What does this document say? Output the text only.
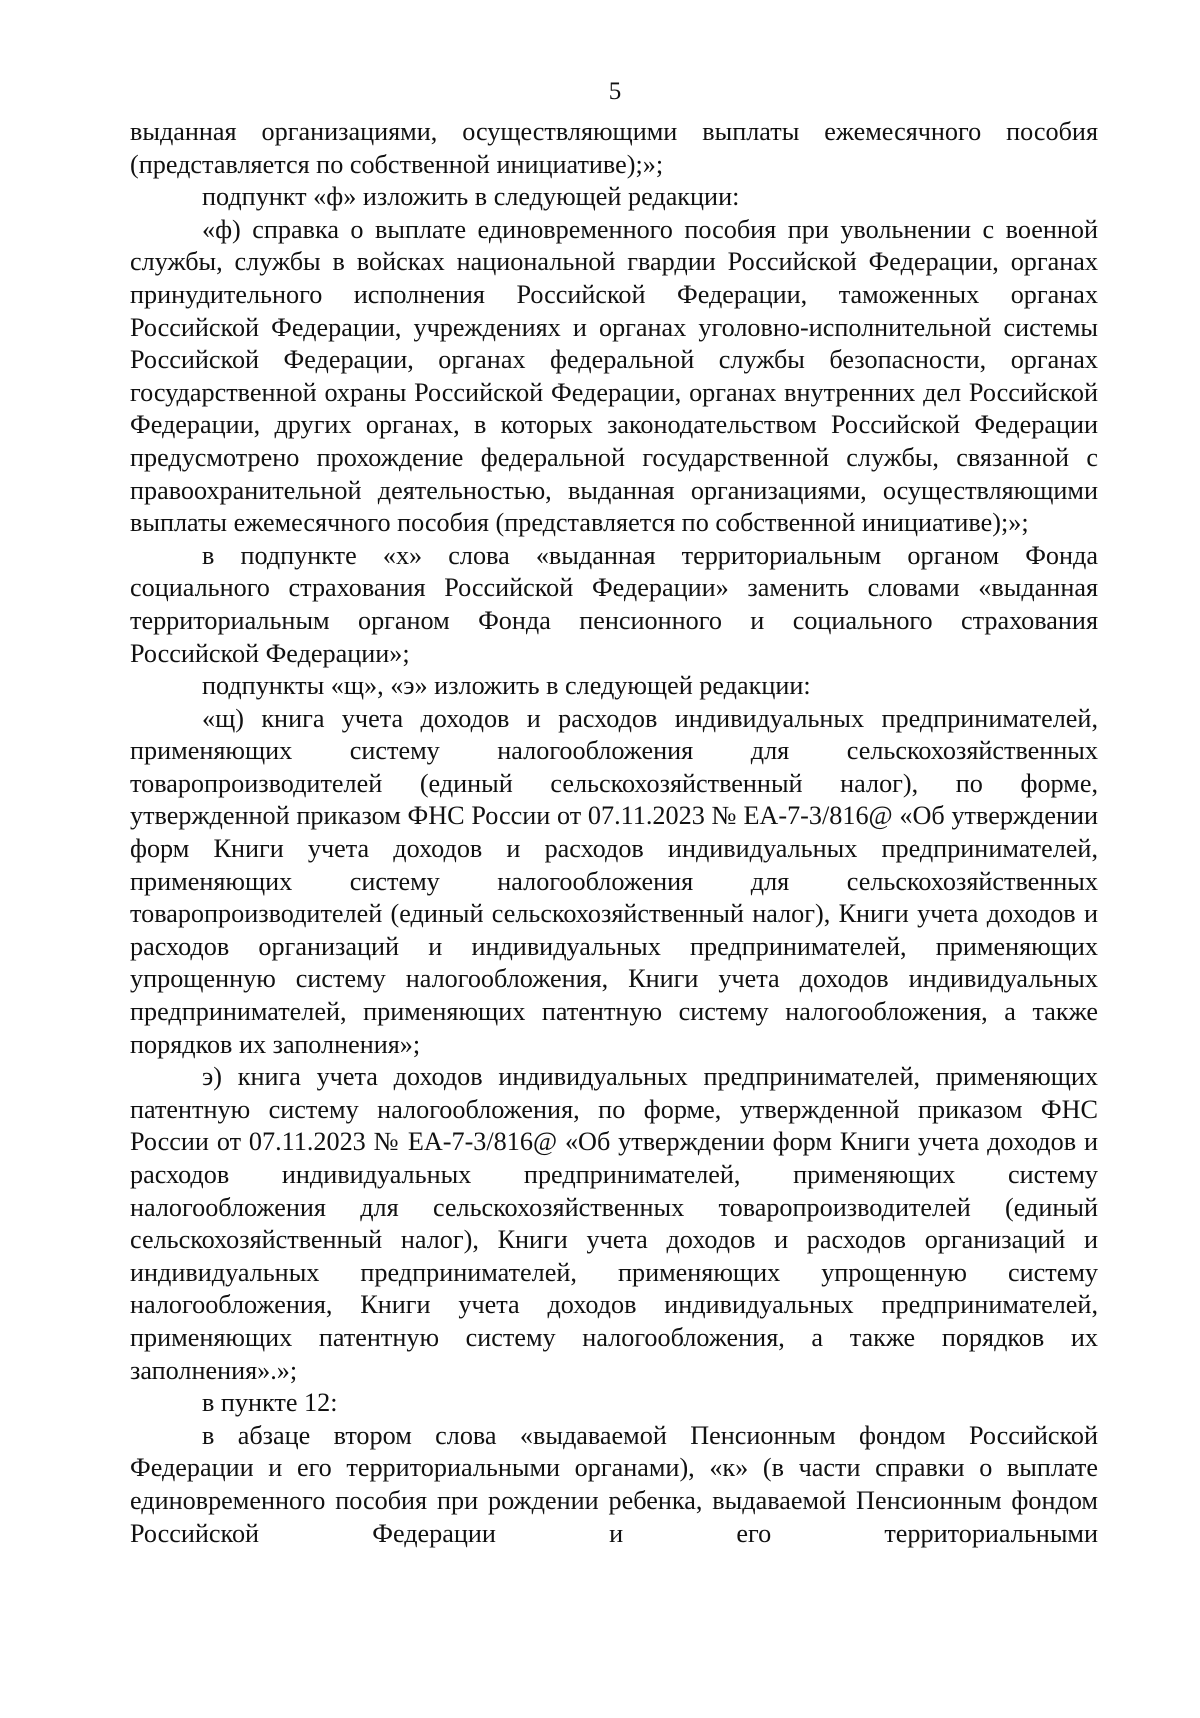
5

выданная организациями, осуществляющими выплаты ежемесячного пособия (представляется по собственной инициативе);»;

подпункт «ф» изложить в следующей редакции:

«ф) справка о выплате единовременного пособия при увольнении с военной службы, службы в войсках национальной гвардии Российской Федерации, органах принудительного исполнения Российской Федерации, таможенных органах Российской Федерации, учреждениях и органах уголовно-исполнительной системы Российской Федерации, органах федеральной службы безопасности, органах государственной охраны Российской Федерации, органах внутренних дел Российской Федерации, других органах, в которых законодательством Российской Федерации предусмотрено прохождение федеральной государственной службы, связанной с правоохранительной деятельностью, выданная организациями, осуществляющими выплаты ежемесячного пособия (представляется по собственной инициативе);»;

в подпункте «х» слова «выданная территориальным органом Фонда социального страхования Российской Федерации» заменить словами «выданная территориальным органом Фонда пенсионного и социального страхования Российской Федерации»;

подпункты «щ», «э» изложить в следующей редакции:

«щ) книга учета доходов и расходов индивидуальных предпринимателей, применяющих систему налогообложения для сельскохозяйственных товаропроизводителей (единый сельскохозяйственный налог), по форме, утвержденной приказом ФНС России от 07.11.2023 № ЕА-7-3/816@ «Об утверждении форм Книги учета доходов и расходов индивидуальных предпринимателей, применяющих систему налогообложения для сельскохозяйственных товаропроизводителей (единый сельскохозяйственный налог), Книги учета доходов и расходов организаций и индивидуальных предпринимателей, применяющих упрощенную систему налогообложения, Книги учета доходов индивидуальных предпринимателей, применяющих патентную систему налогообложения, а также порядков их заполнения»;

э) книга учета доходов индивидуальных предпринимателей, применяющих патентную систему налогообложения, по форме, утвержденной приказом ФНС России от 07.11.2023 № ЕА-7-3/816@ «Об утверждении форм Книги учета доходов и расходов индивидуальных предпринимателей, применяющих систему налогообложения для сельскохозяйственных товаропроизводителей (единый сельскохозяйственный налог), Книги учета доходов и расходов организаций и индивидуальных предпринимателей, применяющих упрощенную систему налогообложения, Книги учета доходов индивидуальных предпринимателей, применяющих патентную систему налогообложения, а также порядков их заполнения».»;

в пункте 12:

в абзаце втором слова «выдаваемой Пенсионным фондом Российской Федерации и его территориальными органами), «к» (в части справки о выплате единовременного пособия при рождении ребенка, выдаваемой Пенсионным фондом Российской Федерации и его территориальными
